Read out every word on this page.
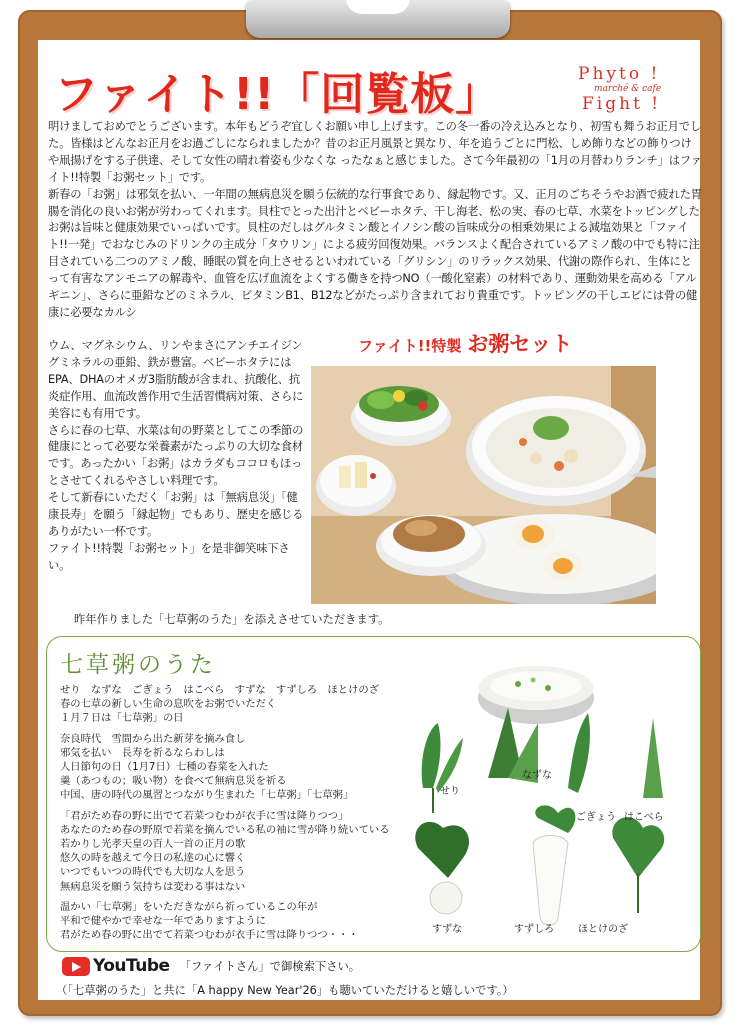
ファイト!!「回覧板」	Phyto !
marché & cafe
Fight !
明けましておめでとうございます。本年もどうぞ宜しくお願い申し上げます。この冬一番の冷え込みとなり、初雪も舞うお正月でした。皆様はどんなお正月をお過ごしになられましたか？昔のお正月風景と異なり、年を追うごとに門松、しめ飾りなどの飾りつけや凧揚げをする子供達、そして女性の晴れ着姿も少なくな ったなぁと感じました。さて今年最初の「1月の月替わりランチ」はファイト!!特製「お粥セット」です。
新春の「お粥」は邪気を払い、一年間の無病息災を願う伝統的な行事食であり、縁起物です。又、正月のごちそうやお酒で疲れた胃腸を消化の良いお粥が労わってくれます。貝柱でとった出汁とベビーホタテ、干し海老、松の実、春の七草、水菜をトッピングしたお粥は旨味と健康効果でいっぱいです。貝柱のだしはグルタミン酸とイノシン酸の旨味成分の相乗効果による減塩効果と「ファイト!!一発」でおなじみのドリンクの主成分「タウリン」による疲労回復効果。バランスよく配合されているアミノ酸の中でも特に注目されている二つのアミノ酸、睡眠の質を向上させるといわれている「グリシン」のリラックス効果、代謝の際作られ、生体にとって有害なアンモニアの解毒や、血管を広げ血流をよくする働きを持つNO（一酸化窒素）の材料であり、運動効果を高める「アルギニン」、さらに亜鉛などのミネラル、ビタミンB1、B12などがたっぷり含まれており貴重です。トッピングの干しエビには骨の健康に必要なカルシ
ウム、マグネシウム、リンやまさにアンチエイジングミネラルの亜鉛、鉄が豊富。ベビーホタテにはEPA、DHAのオメガ3脂肪酸が含まれ、抗酸化、抗炎症作用、血流改善作用で生活習慣病対策、さらに美容にも有用です。
さらに春の七草、水菜は旬の野菜としてこの季節の健康にとって必要な栄養素がたっぷりの大切な食材です。あったかい「お粥」はカラダもココロもほっとさせてくれるやさしい料理です。
そして新春にいただく「お粥」は「無病息災」「健康長寿」を願う「縁起物」でもあり、歴史を感じるありがたい一杯です。
ファイト!!特製「お粥セット」を是非御笑味下さい。
ファイト!!特製 お粥セット
昨年作りました「七草粥のうた」を添えさせていただきます。
七草粥のうた
せり　なずな　ごぎょう　はこべら　すずな　すずしろ　ほとけのざ
春の七草の新しい生命の息吹をお粥でいただく
１月７日は「七草粥」の日
奈良時代　雪間から出た新芽を摘み食し
邪気を払い　長寿を祈るならわしは
人日節句の日（1月7日）七種の春菜を入れた
羹（あつもの；吸い物）を食べて無病息災を祈る
中国、唐の時代の風習とつながり生まれた「七草粥」「七草粥」
「君がため春の野に出でて若菜つむわが衣手に雪は降りつつ」
あなたのため春の野原で若菜を摘んでいる私の袖に雪が降り続いている
若かりし光孝天皇の百人一首の正月の歌
悠久の時を越えて今日の私達の心に響く
いつでもいつの時代でも大切な人を思う
無病息災を願う気持ちは変わる事はない
温かい「七草粥」をいただきながら祈っているこの年が
平和で健やかで幸せな一年でありますように
君がため春の野に出でて若菜つむわが衣手に雪は降りつつ・・・
せり
なずな
ごぎょう はこべら
すずな	すずしろ ほとけのざ
YouTube 「ファイトさん」で御検索下さい。
（「七草粥のうた」と共に「A happy New Year'26」も聴いていただけると嬉しいです。）
